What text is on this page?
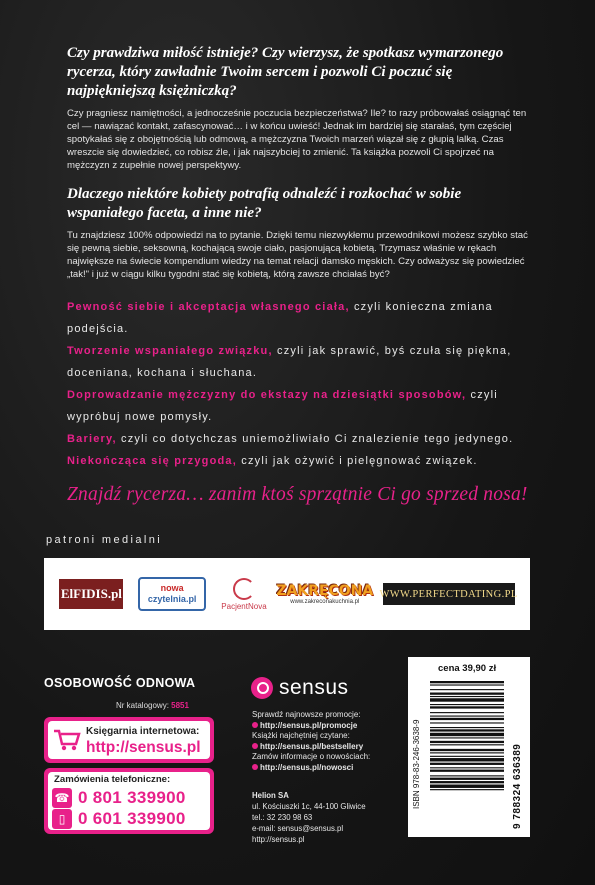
Czy prawdziwa miłość istnieje? Czy wierzysz, że spotkasz wymarzonego rycerza, który zawładnie Twoim sercem i pozwoli Ci poczuć się najpiękniejszą księżniczką?
Czy pragniesz namiętności, a jednocześnie poczucia bezpieczeństwa? Ile? to razy próbowałaś osiągnąć ten cel — nawiązać kontakt, zafascynować… i w końcu uwieść! Jednak im bardziej się starałaś, tym częściej spotykałaś się z obojętnością lub odmową, a mężczyzna Twoich marzeń wiązał się z głupią lalką. Czas wreszcie się dowiedzieć, co robisz źle, i jak najszybciej to zmienić. Ta książka pozwoli Ci spojrzeć na mężczyzn z zupełnie nowej perspektywy.
Dlaczego niektóre kobiety potrafią odnaleźć i rozkochać w sobie wspaniałego faceta, a inne nie?
Tu znajdziesz 100% odpowiedzi na to pytanie. Dzięki temu niezwykłemu przewodnikowi możesz szybko stać się pewną siebie, seksowną, kochającą swoje ciało, pasjonującą kobietą. Trzymasz właśnie w rękach największe na świecie kompendium wiedzy na temat relacji damsko męskich. Czy odważysz się powiedzieć „tak!" i już w ciągu kilku tygodni stać się kobietą, którą zawsze chciałaś być?
Pewność siebie i akceptacja własnego ciała, czyli konieczna zmiana podejścia.
Tworzenie wspaniałego związku, czyli jak sprawić, byś czuła się piękna, doceniana, kochana i słuchana.
Doprowadzanie mężczyzny do ekstazy na dziesiątki sposobów, czyli wypróbuj nowe pomysły.
Bariery, czyli co dotychczas uniemożliwiało Ci znalezienie tego jedynego.
Niekończąca się przygoda, czyli jak ożywić i pielęgnować związek.
Znajdź rycerza… zanim ktoś sprzątnie Ci go sprzed nosa!
patroni medialni
ElFIDIS.pl	nowa
czytelnia.pl
PacjentNova
ZAKRĘCONA
www.zakreconakuchnia.pl
WWW.PERFECTDATING.PL
OSOBOWOŚĆ ODNOWA
Nr katalogowy: 5851
Księgarnia internetowa:
http://sensus.pl
Zamówienia telefoniczne:
☎ 0 801 339900
▯ 0 601 339900
sensus
Sprawdź najnowsze promocje:
http://sensus.pl/promocje
Książki najchętniej czytane:
http://sensus.pl/bestsellery
Zamów informacje o nowościach:
http://sensus.pl/nowosci
Helion SA
ul. Kościuszki 1c, 44-100 Gliwice
tel.: 32 230 98 63
e-mail: sensus@sensus.pl
http://sensus.pl
cena 39,90 zł
ISBN 978-83-246-3638-9	9 788324 636389
